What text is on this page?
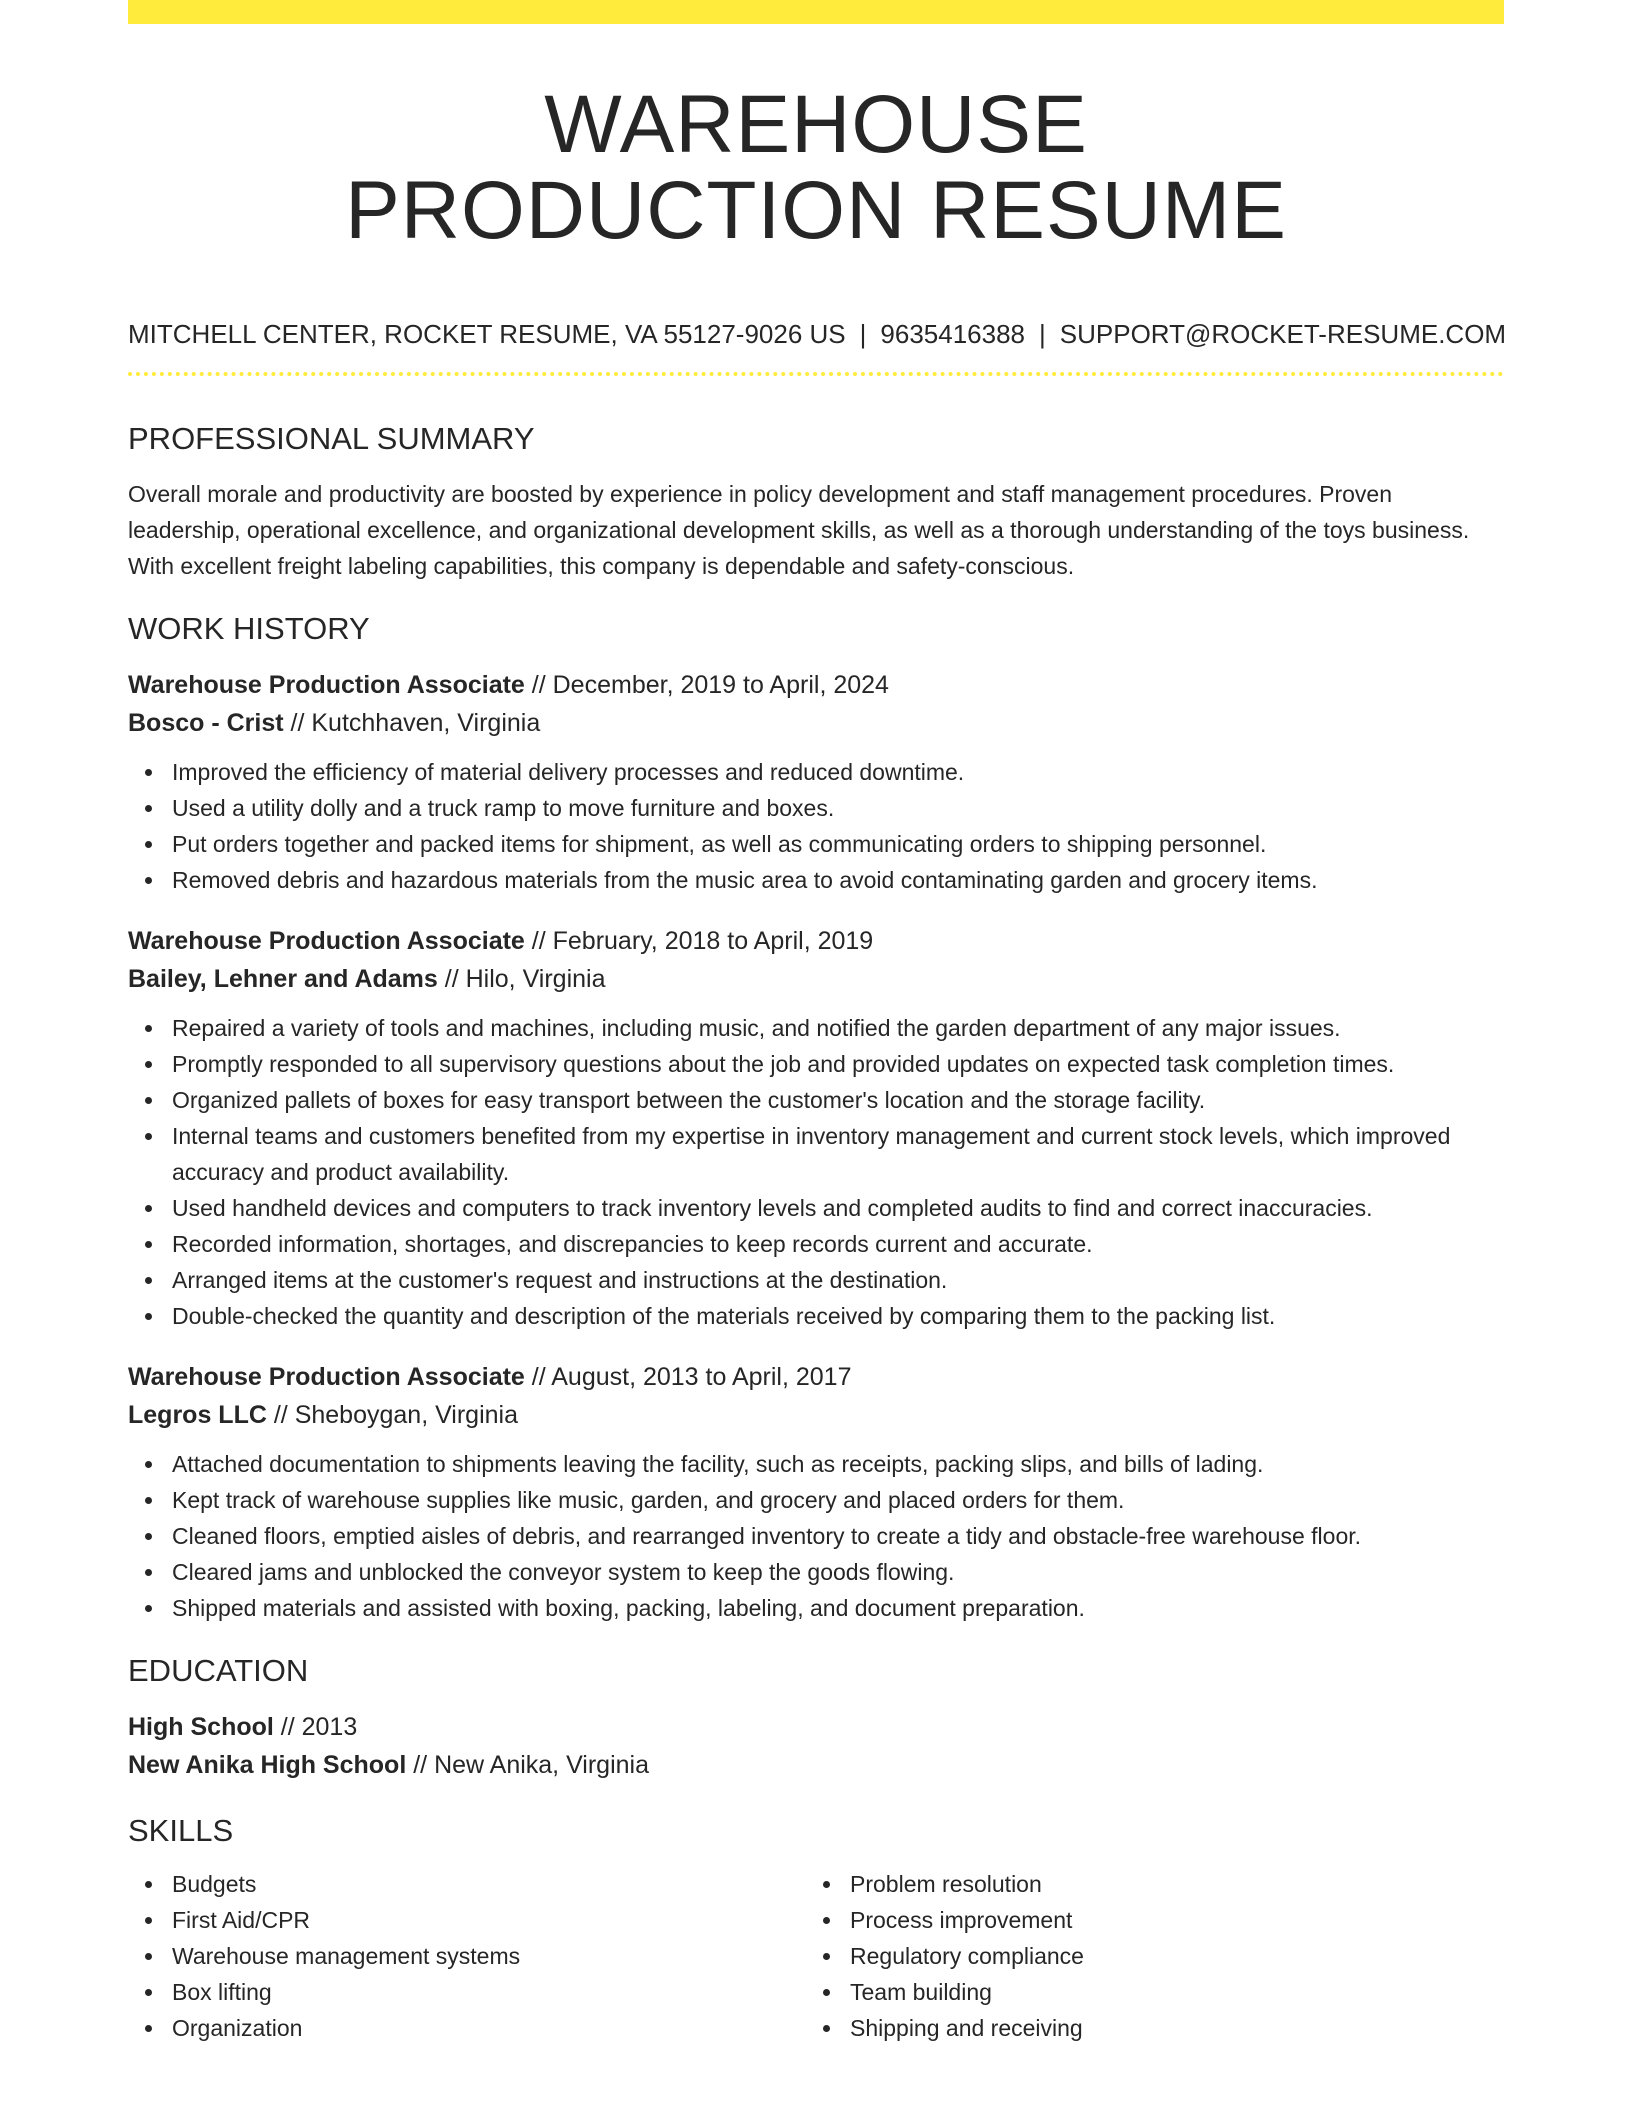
WAREHOUSE
PRODUCTION RESUME
MITCHELL CENTER, ROCKET RESUME, VA 55127-9026 US | 9635416388 | SUPPORT@ROCKET-RESUME.COM
PROFESSIONAL SUMMARY

Overall morale and productivity are boosted by experience in policy development and staff management procedures. Proven leadership, operational excellence, and organizational development skills, as well as a thorough understanding of the toys business. With excellent freight labeling capabilities, this company is dependable and safety-conscious.

WORK HISTORY
Warehouse Production Associate // December, 2019 to April, 2024
Bosco - Crist // Kutchhaven, Virginia
Improved the efficiency of material delivery processes and reduced downtime.
Used a utility dolly and a truck ramp to move furniture and boxes.
Put orders together and packed items for shipment, as well as communicating orders to shipping personnel.
Removed debris and hazardous materials from the music area to avoid contaminating garden and grocery items.
Warehouse Production Associate // February, 2018 to April, 2019
Bailey, Lehner and Adams // Hilo, Virginia
Repaired a variety of tools and machines, including music, and notified the garden department of any major issues.
Promptly responded to all supervisory questions about the job and provided updates on expected task completion times.
Organized pallets of boxes for easy transport between the customer's location and the storage facility.
Internal teams and customers benefited from my expertise in inventory management and current stock levels, which improved accuracy and product availability.
Used handheld devices and computers to track inventory levels and completed audits to find and correct inaccuracies.
Recorded information, shortages, and discrepancies to keep records current and accurate.
Arranged items at the customer's request and instructions at the destination.
Double-checked the quantity and description of the materials received by comparing them to the packing list.
Warehouse Production Associate // August, 2013 to April, 2017
Legros LLC // Sheboygan, Virginia
Attached documentation to shipments leaving the facility, such as receipts, packing slips, and bills of lading.
Kept track of warehouse supplies like music, garden, and grocery and placed orders for them.
Cleaned floors, emptied aisles of debris, and rearranged inventory to create a tidy and obstacle-free warehouse floor.
Cleared jams and unblocked the conveyor system to keep the goods flowing.
Shipped materials and assisted with boxing, packing, labeling, and document preparation.
EDUCATION
High School // 2013
New Anika High School // New Anika, Virginia
SKILLS
Budgets
First Aid/CPR
Warehouse management systems
Box lifting
Organization
Problem resolution
Process improvement
Regulatory compliance
Team building
Shipping and receiving
